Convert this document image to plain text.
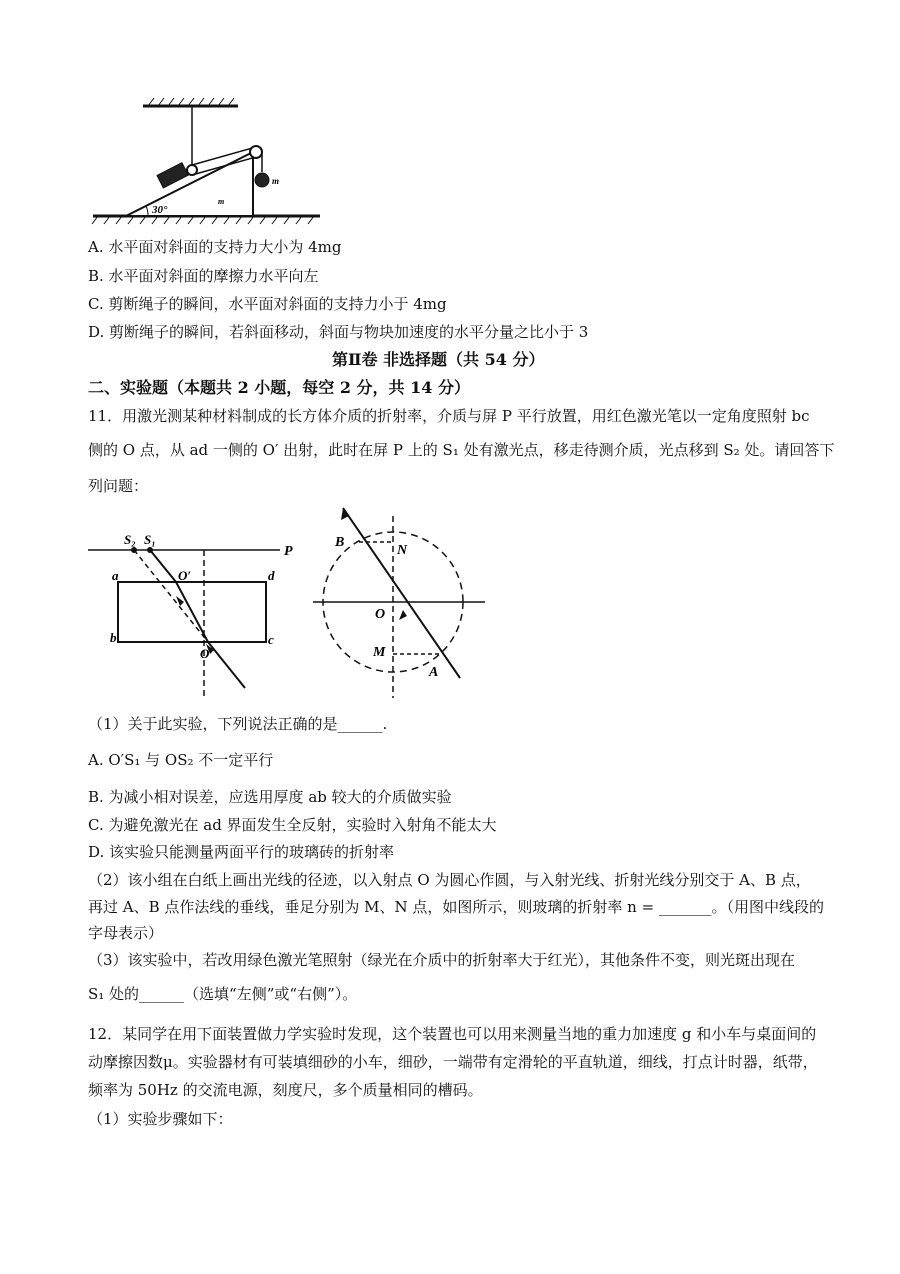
30°
m
m
A. 水平面对斜面的支持力大小为 4mg
B. 水平面对斜面的摩擦力水平向左
C. 剪断绳子的瞬间，水平面对斜面的支持力小于 4mg
D. 剪断绳子的瞬间，若斜面移动，斜面与物块加速度的水平分量之比小于 3
第Ⅱ卷 非选择题（共 54 分）
二、实验题（本题共 2 小题，每空 2 分，共 14 分）
11．用激光测某种材料制成的长方体介质的折射率，介质与屏 P 平行放置，用红色激光笔以一定角度照射 bc
侧的 O 点，从 ad 一侧的 O′ 出射，此时在屏 P 上的 S₁ 处有激光点，移走待测介质，光点移到 S₂ 处。请回答下
列问题：
P
a	d
b	c
S₂ S₁
O′
O
B
N
O
M
A
（1）关于此实验，下列说法正确的是______.
A. O′S₁ 与 OS₂ 不一定平行
B. 为减小相对误差，应选用厚度 ab 较大的介质做实验
C. 为避免激光在 ad 界面发生全反射，实验时入射角不能太大
D. 该实验只能测量两面平行的玻璃砖的折射率
（2）该小组在白纸上画出光线的径迹，以入射点 O 为圆心作圆，与入射光线、折射光线分别交于 A、B 点，
再过 A、B 点作法线的垂线，垂足分别为 M、N 点，如图所示，则玻璃的折射率 n = _______。（用图中线段的
字母表示）
（3）该实验中，若改用绿色激光笔照射（绿光在介质中的折射率大于红光），其他条件不变，则光斑出现在
S₁ 处的______（选填“左侧”或“右侧”）。
12．某同学在用下面装置做力学实验时发现，这个装置也可以用来测量当地的重力加速度 g 和小车与桌面间的
动摩擦因数μ。实验器材有可装填细砂的小车，细砂，一端带有定滑轮的平直轨道，细线，打点计时器，纸带，
频率为 50Hz 的交流电源，刻度尺，多个质量相同的槽码。
（1）实验步骤如下：
